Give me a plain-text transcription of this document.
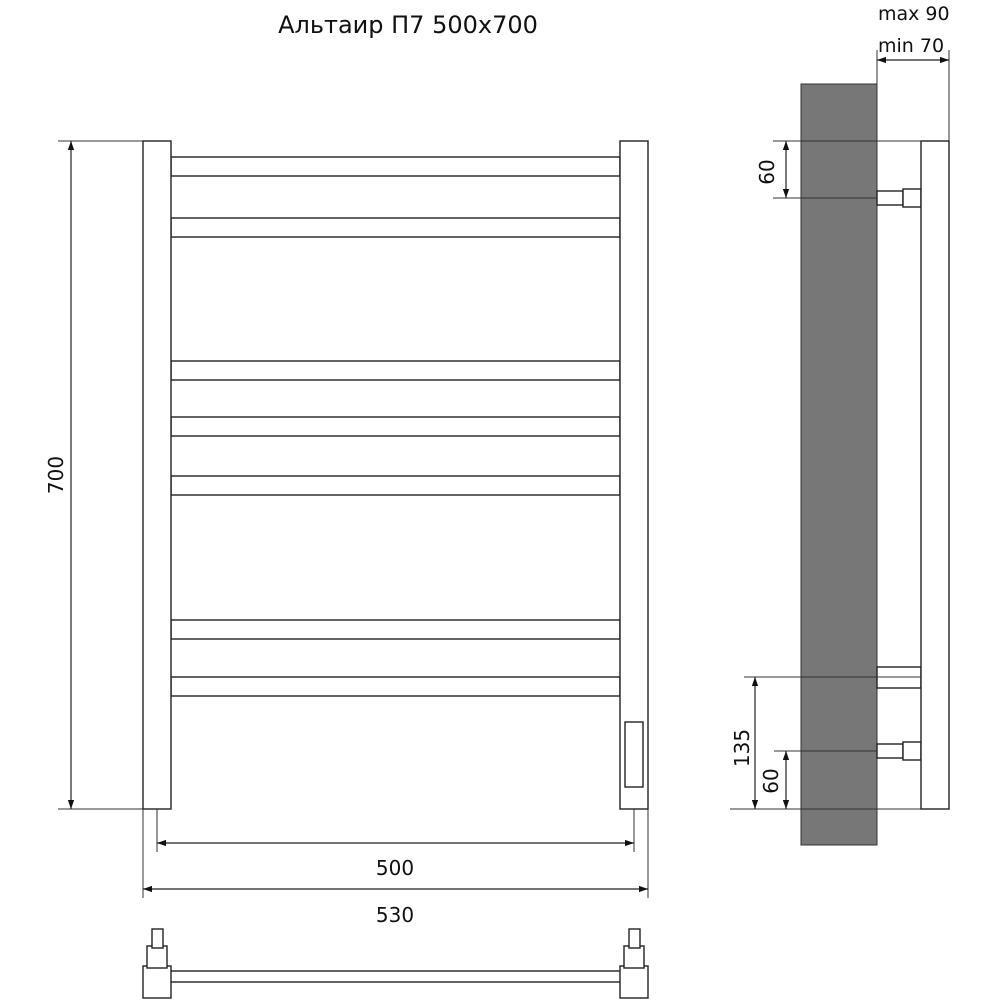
Альтаир П7 500х700
700
500
530
max 90
min 70
60
135
60
